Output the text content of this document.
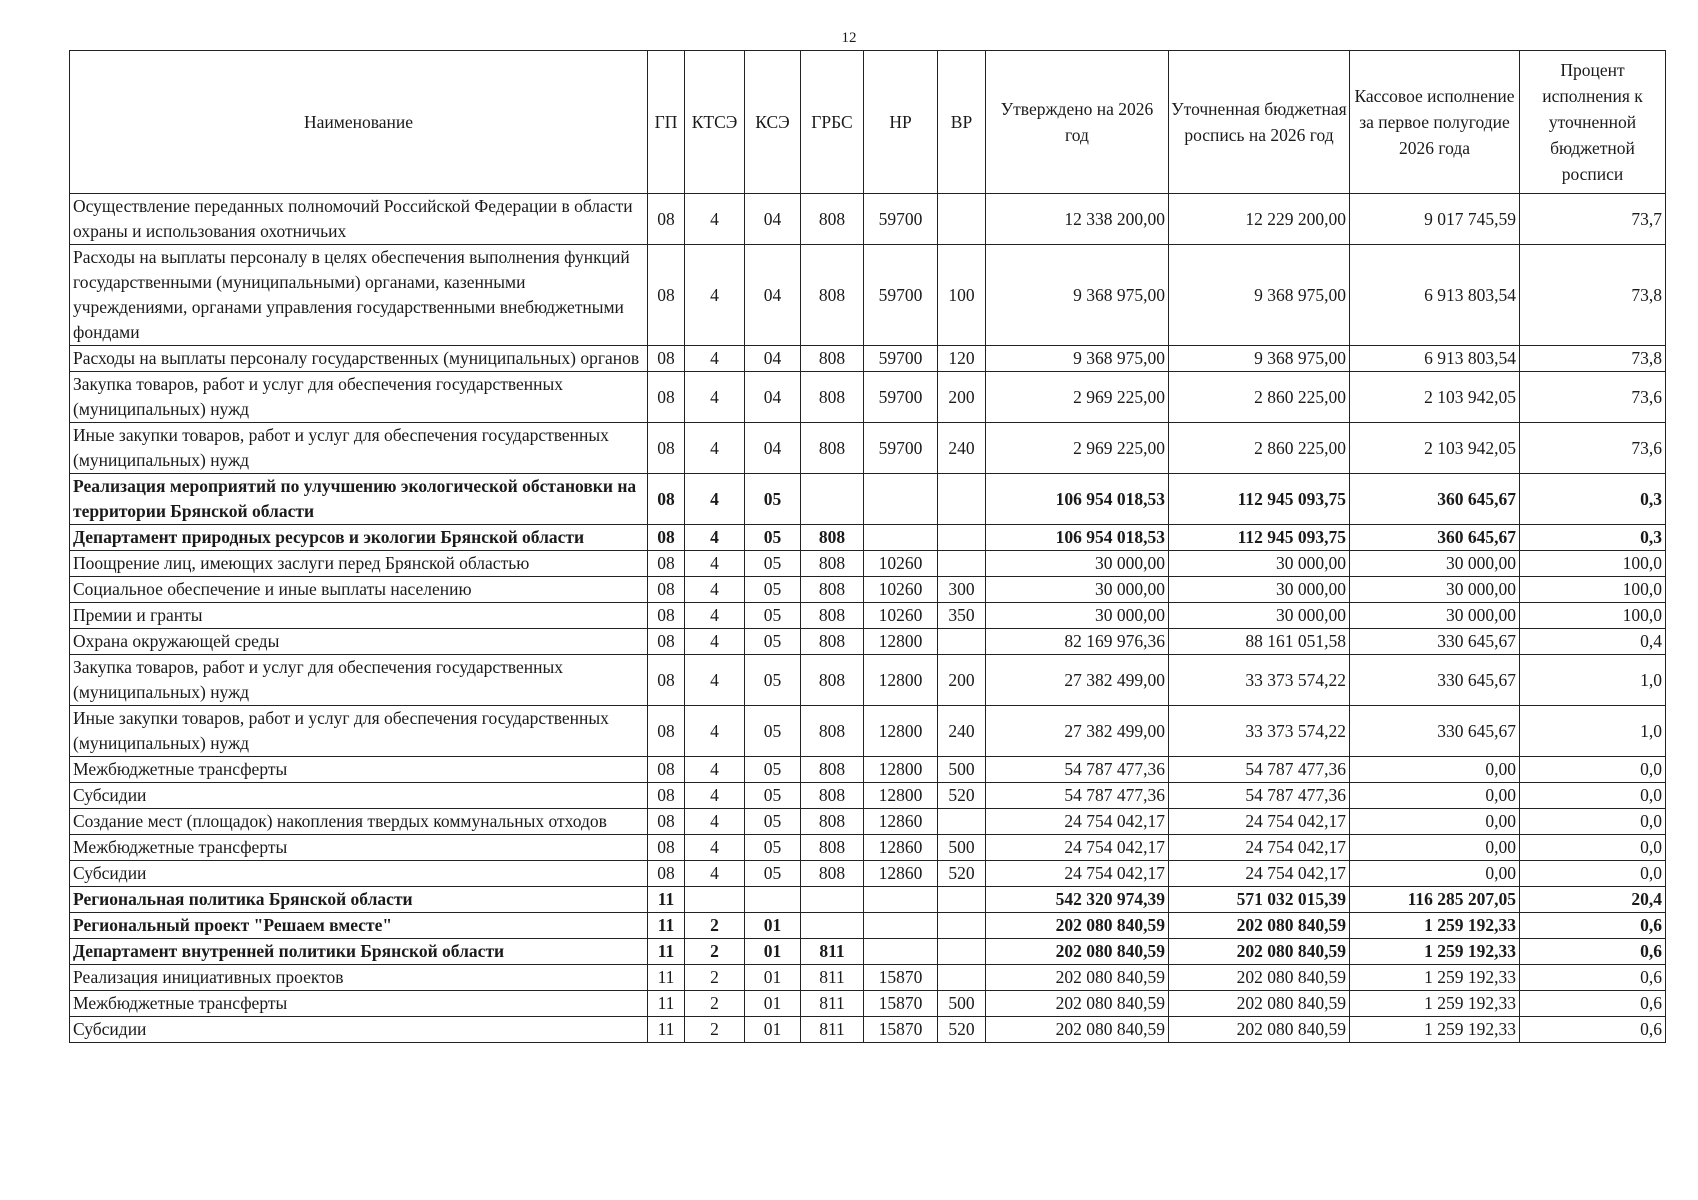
12
Наименование	ГП	КТСЭ	КСЭ	ГРБС	НР	ВР	Утверждено на 2026 год	Уточненная бюджетная роспись на 2026 год	Кассовое исполнение за первое полугодие 2026 года	Процент исполнения к уточненной бюджетной росписи
Осуществление переданных полномочий Российской Федерации в области охраны и использования охотничьих	08	4	04	808	59700		12 338 200,00	12 229 200,00	9 017 745,59	73,7
Расходы на выплаты персоналу в целях обеспечения выполнения функций государственными (муниципальными) органами, казенными учреждениями, органами управления государственными внебюджетными фондами	08	4	04	808	59700	100	9 368 975,00	9 368 975,00	6 913 803,54	73,8
Расходы на выплаты персоналу государственных (муниципальных) органов	08	4	04	808	59700	120	9 368 975,00	9 368 975,00	6 913 803,54	73,8
Закупка товаров, работ и услуг для обеспечения государственных (муниципальных) нужд	08	4	04	808	59700	200	2 969 225,00	2 860 225,00	2 103 942,05	73,6
Иные закупки товаров, работ и услуг для обеспечения государственных (муниципальных) нужд	08	4	04	808	59700	240	2 969 225,00	2 860 225,00	2 103 942,05	73,6
Реализация мероприятий по улучшению экологической обстановки на территории Брянской области	08	4	05				106 954 018,53	112 945 093,75	360 645,67	0,3
Департамент природных ресурсов и экологии Брянской области	08	4	05	808			106 954 018,53	112 945 093,75	360 645,67	0,3
Поощрение лиц, имеющих заслуги перед Брянской областью	08	4	05	808	10260		30 000,00	30 000,00	30 000,00	100,0
Социальное обеспечение и иные выплаты населению	08	4	05	808	10260	300	30 000,00	30 000,00	30 000,00	100,0
Премии и гранты	08	4	05	808	10260	350	30 000,00	30 000,00	30 000,00	100,0
Охрана окружающей среды	08	4	05	808	12800		82 169 976,36	88 161 051,58	330 645,67	0,4
Закупка товаров, работ и услуг для обеспечения государственных (муниципальных) нужд	08	4	05	808	12800	200	27 382 499,00	33 373 574,22	330 645,67	1,0
Иные закупки товаров, работ и услуг для обеспечения государственных (муниципальных) нужд	08	4	05	808	12800	240	27 382 499,00	33 373 574,22	330 645,67	1,0
Межбюджетные трансферты	08	4	05	808	12800	500	54 787 477,36	54 787 477,36	0,00	0,0
Субсидии	08	4	05	808	12800	520	54 787 477,36	54 787 477,36	0,00	0,0
Создание мест (площадок) накопления твердых коммунальных отходов	08	4	05	808	12860		24 754 042,17	24 754 042,17	0,00	0,0
Межбюджетные трансферты	08	4	05	808	12860	500	24 754 042,17	24 754 042,17	0,00	0,0
Субсидии	08	4	05	808	12860	520	24 754 042,17	24 754 042,17	0,00	0,0
Региональная политика Брянской области	11						542 320 974,39	571 032 015,39	116 285 207,05	20,4
Региональный проект "Решаем вместе"	11	2	01				202 080 840,59	202 080 840,59	1 259 192,33	0,6
Департамент внутренней политики Брянской области	11	2	01	811			202 080 840,59	202 080 840,59	1 259 192,33	0,6
Реализация инициативных проектов	11	2	01	811	15870		202 080 840,59	202 080 840,59	1 259 192,33	0,6
Межбюджетные трансферты	11	2	01	811	15870	500	202 080 840,59	202 080 840,59	1 259 192,33	0,6
Субсидии	11	2	01	811	15870	520	202 080 840,59	202 080 840,59	1 259 192,33	0,6
